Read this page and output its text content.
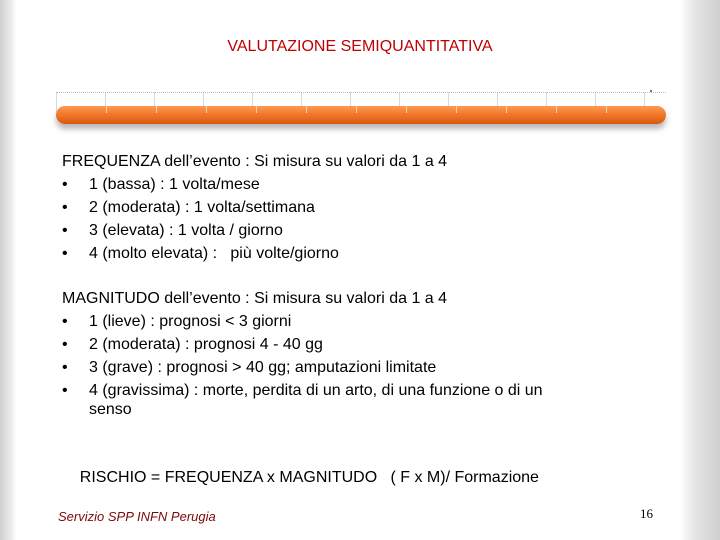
VALUTAZIONE SEMIQUANTITATIVA
FREQUENZA dell’evento : Si misura su valori da 1 a 4
•	1 (bassa) : 1 volta/mese
•	2 (moderata) : 1 volta/settimana
•	3 (elevata) : 1 volta / giorno
•	4 (molto elevata) :   più volte/giorno
MAGNITUDO dell’evento : Si misura su valori da 1 a 4
•	1 (lieve) : prognosi < 3 giorni
•	2 (moderata) : prognosi 4 - 40 gg
•	3 (grave) : prognosi > 40 gg; amputazioni limitate
•	4 (gravissima) : morte, perdita di un arto, di una funzione o di un
senso

RISCHIO = FREQUENZA x MAGNITUDO   ( F x M)/ Formazione

Servizio SPP INFN Perugia	16
